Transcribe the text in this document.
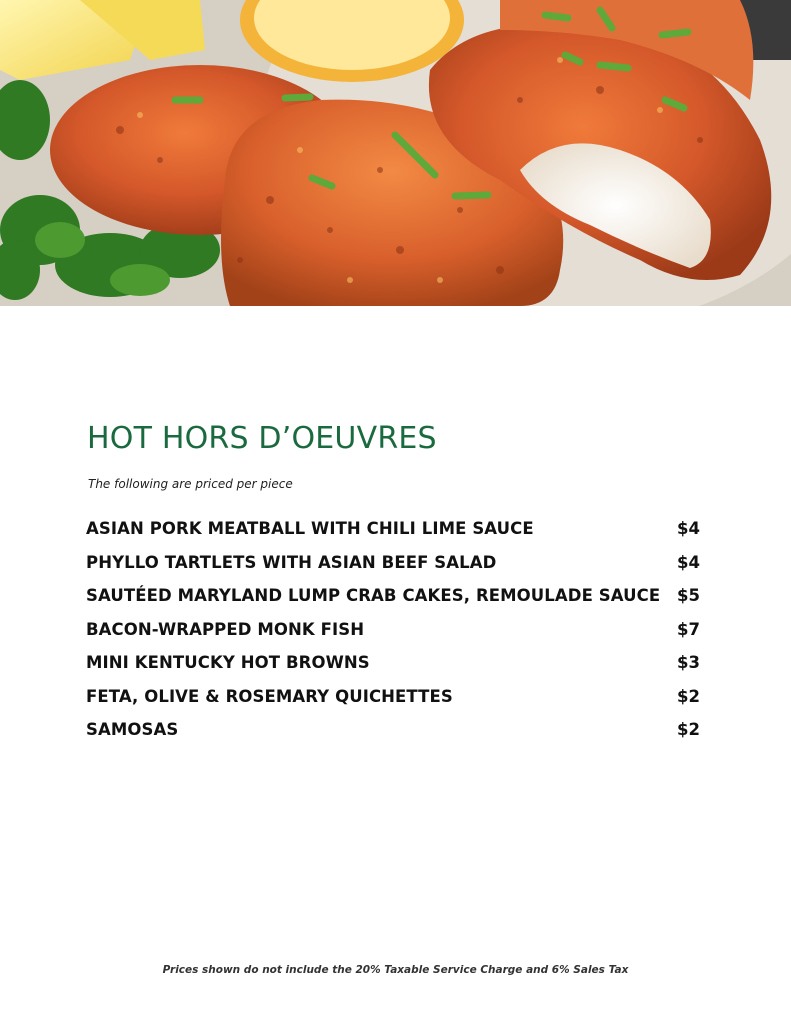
HOT HORS D’OEUVRES

The following are priced per piece

ASIAN PORK MEATBALL WITH CHILI LIME SAUCE	$4
PHYLLO TARTLETS WITH ASIAN BEEF SALAD	$4
SAUTÉED MARYLAND LUMP CRAB CAKES, REMOULADE SAUCE $5
BACON-WRAPPED MONK FISH	$7
MINI KENTUCKY HOT BROWNS	$3
FETA, OLIVE & ROSEMARY QUICHETTES	$2
SAMOSAS	$2

Prices shown do not include the 20% Taxable Service Charge and 6% Sales Tax
